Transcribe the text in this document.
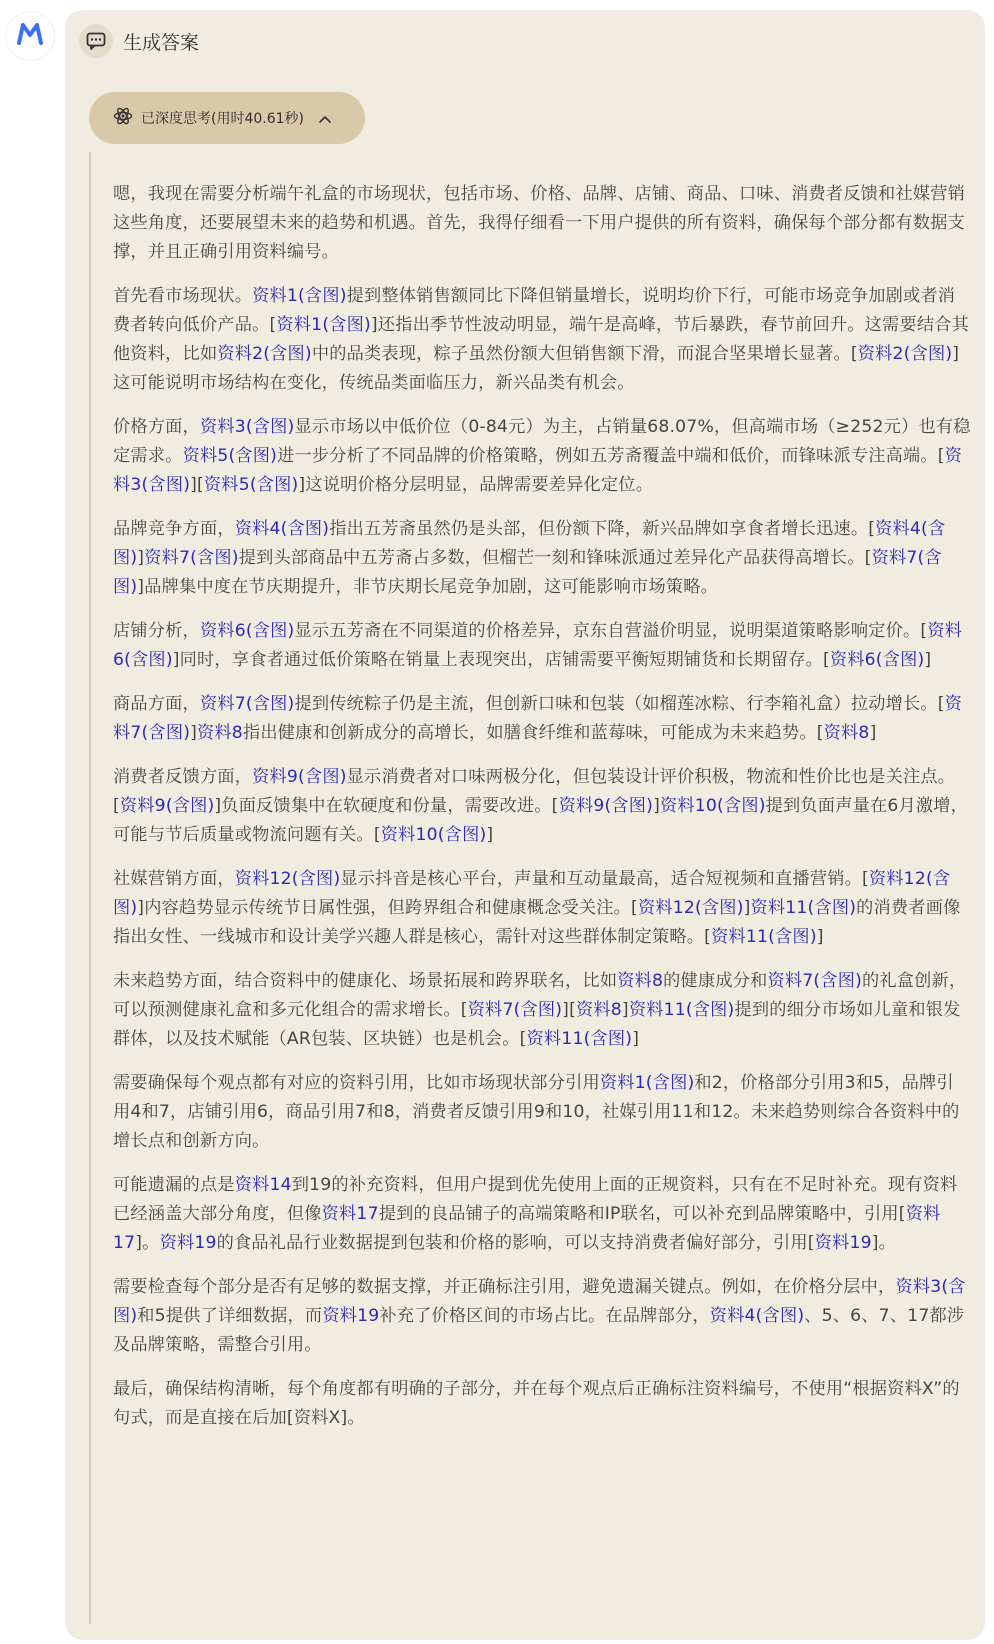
生成答案
已深度思考(用时40.61秒)

嗯，我现在需要分析端午礼盒的市场现状，包括市场、价格、品牌、店铺、商品、口味、消费者反馈和社媒营销这些角度，还要展望未来的趋势和机遇。首先，我得仔细看一下用户提供的所有资料，确保每个部分都有数据支撑，并且正确引用资料编号。

首先看市场现状。资料1(含图)提到整体销售额同比下降但销量增长，说明均价下行，可能市场竞争加剧或者消费者转向低价产品。[资料1(含图)]还指出季节性波动明显，端午是高峰，节后暴跌，春节前回升。这需要结合其他资料，比如资料2(含图)中的品类表现，粽子虽然份额大但销售额下滑，而混合坚果增长显著。[资料2(含图)]这可能说明市场结构在变化，传统品类面临压力，新兴品类有机会。

价格方面，资料3(含图)显示市场以中低价位（0-84元）为主，占销量68.07%，但高端市场（≥252元）也有稳定需求。资料5(含图)进一步分析了不同品牌的价格策略，例如五芳斋覆盖中端和低价，而锋味派专注高端。[资料3(含图)][资料5(含图)]这说明价格分层明显，品牌需要差异化定位。

品牌竞争方面，资料4(含图)指出五芳斋虽然仍是头部，但份额下降，新兴品牌如享食者增长迅速。[资料4(含图)]资料7(含图)提到头部商品中五芳斋占多数，但榴芒一刻和锋味派通过差异化产品获得高增长。[资料7(含图)]品牌集中度在节庆期提升，非节庆期长尾竞争加剧，这可能影响市场策略。

店铺分析，资料6(含图)显示五芳斋在不同渠道的价格差异，京东自营溢价明显，说明渠道策略影响定价。[资料6(含图)]同时，享食者通过低价策略在销量上表现突出，店铺需要平衡短期铺货和长期留存。[资料6(含图)]

商品方面，资料7(含图)提到传统粽子仍是主流，但创新口味和包装（如榴莲冰粽、行李箱礼盒）拉动增长。[资料7(含图)]资料8指出健康和创新成分的高增长，如膳食纤维和蓝莓味，可能成为未来趋势。[资料8]

消费者反馈方面，资料9(含图)显示消费者对口味两极分化，但包装设计评价积极，物流和性价比也是关注点。[资料9(含图)]负面反馈集中在软硬度和份量，需要改进。[资料9(含图)]资料10(含图)提到负面声量在6月激增，可能与节后质量或物流问题有关。[资料10(含图)]

社媒营销方面，资料12(含图)显示抖音是核心平台，声量和互动量最高，适合短视频和直播营销。[资料12(含图)]内容趋势显示传统节日属性强，但跨界组合和健康概念受关注。[资料12(含图)]资料11(含图)的消费者画像指出女性、一线城市和设计美学兴趣人群是核心，需针对这些群体制定策略。[资料11(含图)]

未来趋势方面，结合资料中的健康化、场景拓展和跨界联名，比如资料8的健康成分和资料7(含图)的礼盒创新，可以预测健康礼盒和多元化组合的需求增长。[资料7(含图)][资料8]资料11(含图)提到的细分市场如儿童和银发群体，以及技术赋能（AR包装、区块链）也是机会。[资料11(含图)]

需要确保每个观点都有对应的资料引用，比如市场现状部分引用资料1(含图)和2，价格部分引用3和5，品牌引用4和7，店铺引用6，商品引用7和8，消费者反馈引用9和10，社媒引用11和12。未来趋势则综合各资料中的增长点和创新方向。

可能遗漏的点是资料14到19的补充资料，但用户提到优先使用上面的正规资料，只有在不足时补充。现有资料已经涵盖大部分角度，但像资料17提到的良品铺子的高端策略和IP联名，可以补充到品牌策略中，引用[资料17]。资料19的食品礼品行业数据提到包装和价格的影响，可以支持消费者偏好部分，引用[资料19]。

需要检查每个部分是否有足够的数据支撑，并正确标注引用，避免遗漏关键点。例如，在价格分层中，资料3(含图)和5提供了详细数据，而资料19补充了价格区间的市场占比。在品牌部分，资料4(含图)、5、6、7、17都涉及品牌策略，需整合引用。

最后，确保结构清晰，每个角度都有明确的子部分，并在每个观点后正确标注资料编号，不使用“根据资料X”的句式，而是直接在后加[资料X]。
